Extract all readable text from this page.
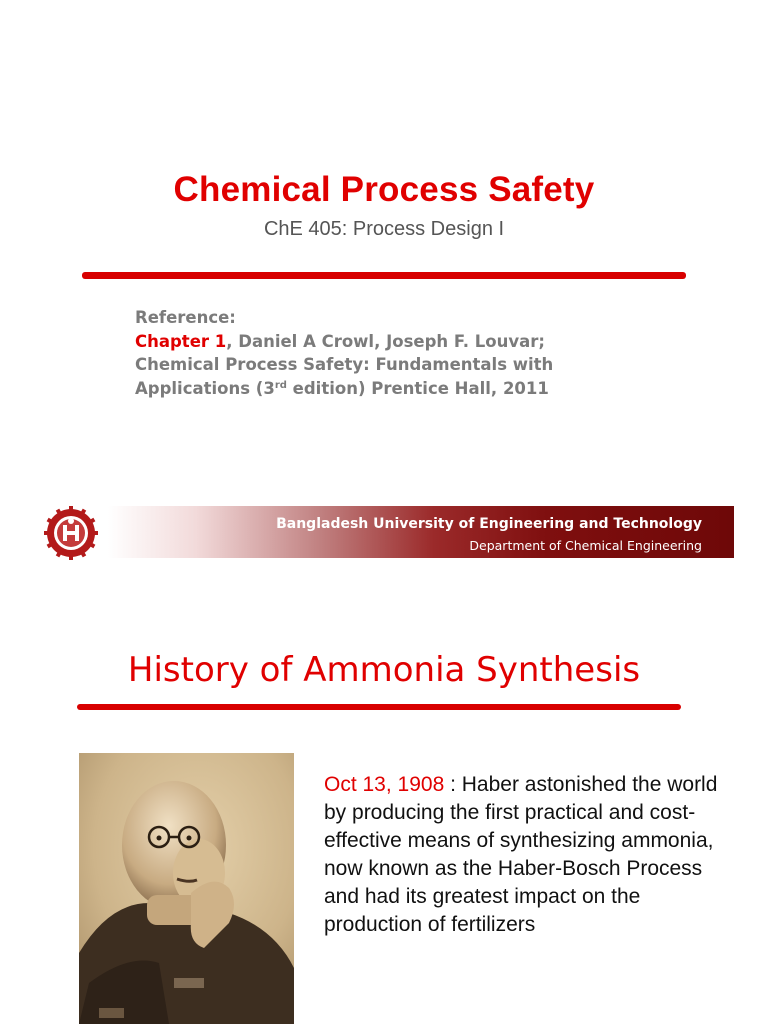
Chemical Process Safety
ChE 405: Process Design I
Reference:
Chapter 1, Daniel A Crowl, Joseph F. Louvar;
Chemical Process Safety: Fundamentals with
Applications (3rd edition) Prentice Hall, 2011
Bangladesh University of Engineering and Technology
Department of Chemical Engineering
History of Ammonia Synthesis
Oct 13, 1908 : Haber astonished the world by producing the first practical and cost-effective means of synthesizing ammonia, now known as the Haber-Bosch Process and had its greatest impact on the production of fertilizers
